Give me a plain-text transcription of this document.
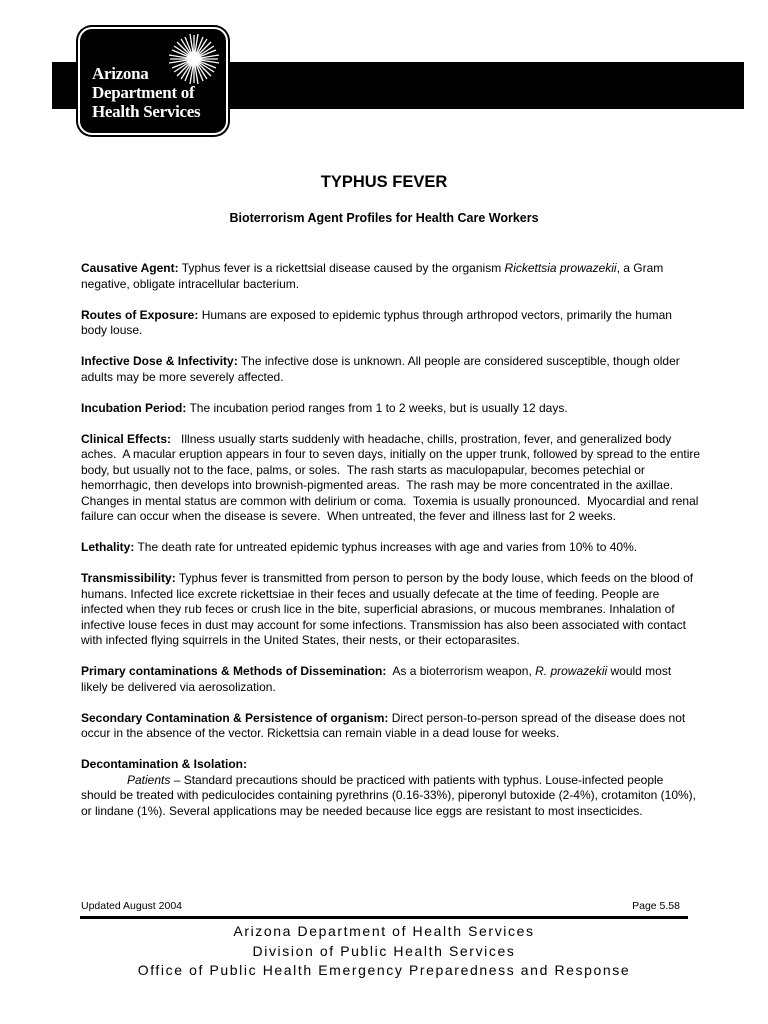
Arizona
Department of
Health Services

TYPHUS FEVER
Bioterrorism Agent Profiles for Health Care Workers

Causative Agent: Typhus fever is a rickettsial disease caused by the organism Rickettsia prowazekii, a Gram negative, obligate intracellular bacterium.

Routes of Exposure: Humans are exposed to epidemic typhus through arthropod vectors, primarily the human body louse.

Infective Dose & Infectivity: The infective dose is unknown. All people are considered susceptible, though older adults may be more severely affected.

Incubation Period: The incubation period ranges from 1 to 2 weeks, but is usually 12 days.

Clinical Effects:   Illness usually starts suddenly with headache, chills, prostration, fever, and generalized body aches.  A macular eruption appears in four to seven days, initially on the upper trunk, followed by spread to the entire body, but usually not to the face, palms, or soles.  The rash starts as maculopapular, becomes petechial or hemorrhagic, then develops into brownish-pigmented areas.  The rash may be more concentrated in the axillae.  Changes in mental status are common with delirium or coma.  Toxemia is usually pronounced.  Myocardial and renal failure can occur when the disease is severe.  When untreated, the fever and illness last for 2 weeks.

Lethality: The death rate for untreated epidemic typhus increases with age and varies from 10% to 40%.

Transmissibility: Typhus fever is transmitted from person to person by the body louse, which feeds on the blood of humans. Infected lice excrete rickettsiae in their feces and usually defecate at the time of feeding. People are infected when they rub feces or crush lice in the bite, superficial abrasions, or mucous membranes. Inhalation of infective louse feces in dust may account for some infections. Transmission has also been associated with contact with infected flying squirrels in the United States, their nests, or their ectoparasites.

Primary contaminations & Methods of Dissemination:  As a bioterrorism weapon, R. prowazekii would most likely be delivered via aerosolization.

Secondary Contamination & Persistence of organism: Direct person-to-person spread of the disease does not occur in the absence of the vector. Rickettsia can remain viable in a dead louse for weeks.

Decontamination & Isolation:

Patients – Standard precautions should be practiced with patients with typhus. Louse-infected people should be treated with pediculocides containing pyrethrins (0.16-33%), piperonyl butoxide (2-4%), crotamiton (10%), or lindane (1%). Several applications may be needed because lice eggs are resistant to most insecticides.

Updated August 2004	Page 5.58
Arizona Department of Health Services
Division of Public Health Services
Office of Public Health Emergency Preparedness and Response
